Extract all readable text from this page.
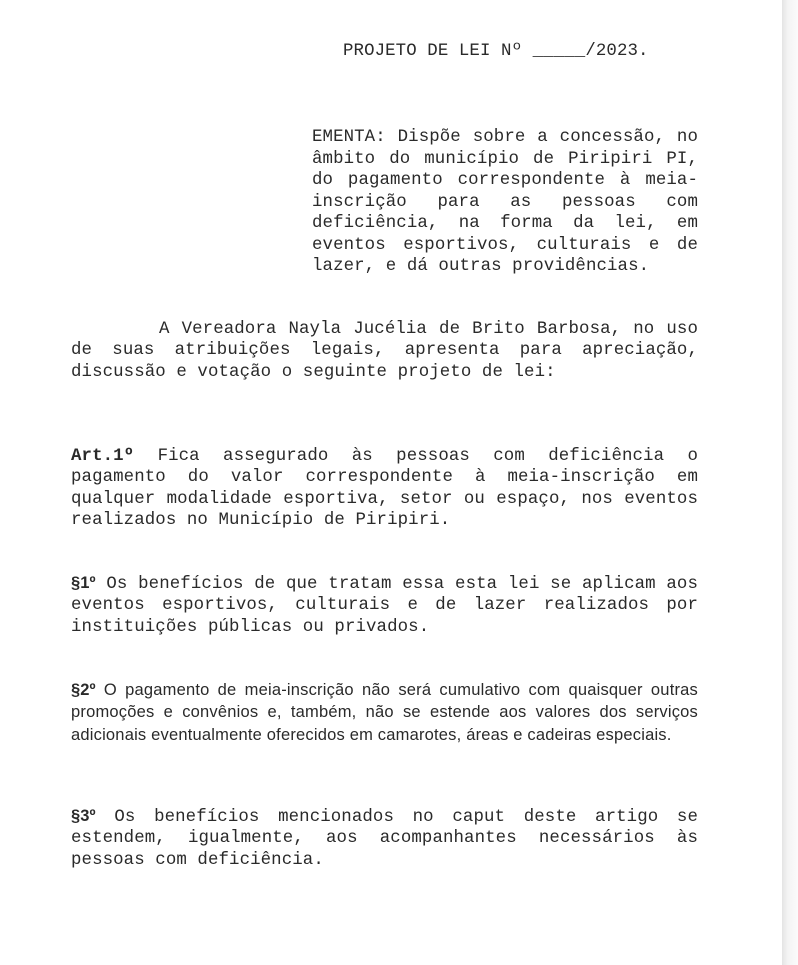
PROJETO DE LEI Nº _____/2023.
EMENTA: Dispõe sobre a concessão, no âmbito do município de Piripiri PI, do pagamento correspondente à meia-inscrição para as pessoas com deficiência, na forma da lei, em eventos esportivos, culturais e de lazer, e dá outras providências.
A Vereadora Nayla Jucélia de Brito Barbosa, no uso de suas atribuições legais, apresenta para apreciação, discussão e votação o seguinte projeto de lei:
Art.1º Fica assegurado às pessoas com deficiência o pagamento do valor correspondente à meia-inscrição em qualquer modalidade esportiva, setor ou espaço, nos eventos realizados no Município de Piripiri.
§1º Os benefícios de que tratam essa esta lei se aplicam aos eventos esportivos, culturais e de lazer realizados por instituições públicas ou privados.
§2º O pagamento de meia-inscrição não será cumulativo com quaisquer outras promoções e convênios e, também, não se estende aos valores dos serviços adicionais eventualmente oferecidos em camarotes, áreas e cadeiras especiais.
§3º Os benefícios mencionados no caput deste artigo se estendem, igualmente, aos acompanhantes necessários às pessoas com deficiência.
